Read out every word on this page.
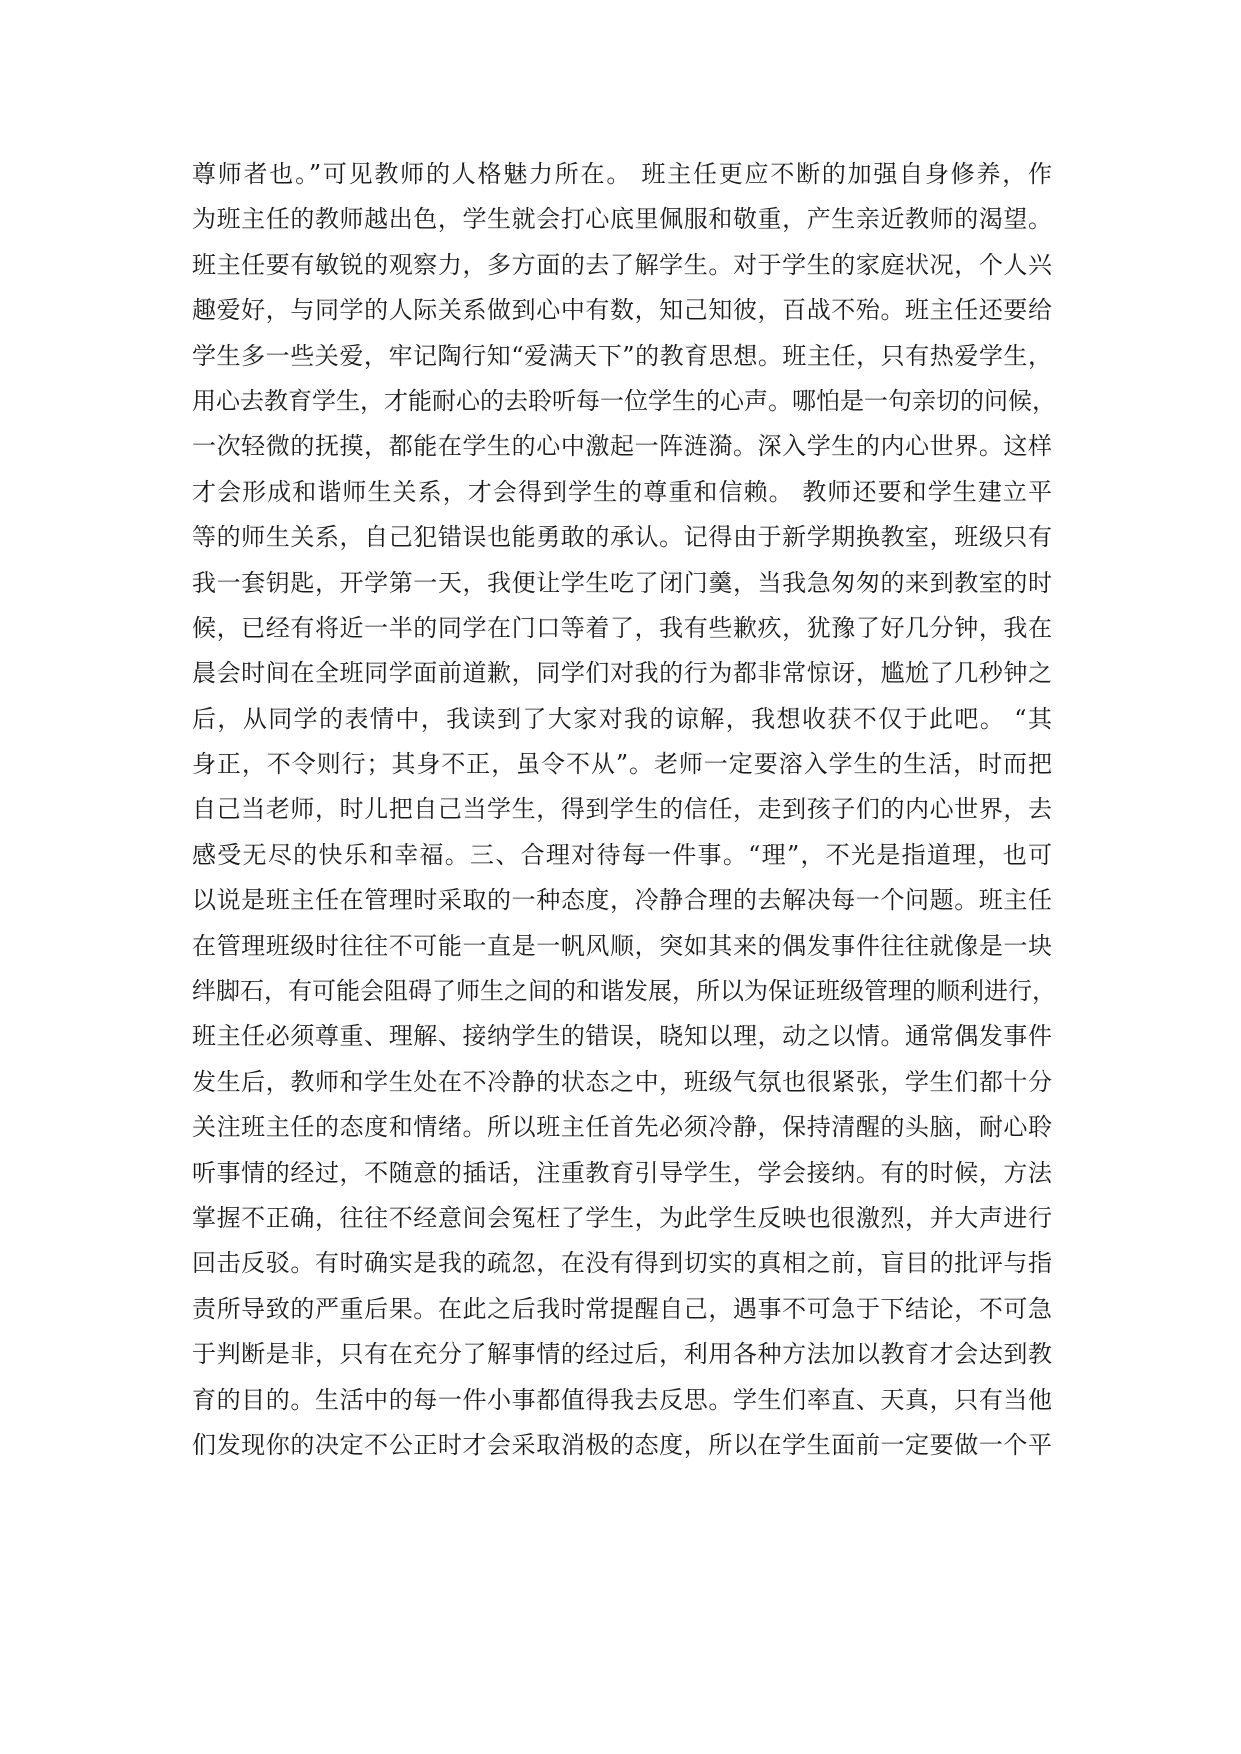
尊师者也。”可见教师的人格魅力所在。 班主任更应不断的加强自身修养，作
为班主任的教师越出色，学生就会打心底里佩服和敬重，产生亲近教师的渴望。
班主任要有敏锐的观察力，多方面的去了解学生。对于学生的家庭状况，个人兴
趣爱好，与同学的人际关系做到心中有数，知己知彼，百战不殆。班主任还要给
学生多一些关爱，牢记陶行知“爱满天下”的教育思想。班主任，只有热爱学生，
用心去教育学生，才能耐心的去聆听每一位学生的心声。哪怕是一句亲切的问候，
一次轻微的抚摸，都能在学生的心中激起一阵涟漪。深入学生的内心世界。这样
才会形成和谐师生关系，才会得到学生的尊重和信赖。 教师还要和学生建立平
等的师生关系，自己犯错误也能勇敢的承认。记得由于新学期换教室，班级只有
我一套钥匙，开学第一天，我便让学生吃了闭门羹，当我急匆匆的来到教室的时
候，已经有将近一半的同学在门口等着了，我有些歉疚，犹豫了好几分钟，我在
晨会时间在全班同学面前道歉，同学们对我的行为都非常惊讶，尴尬了几秒钟之
后，从同学的表情中，我读到了大家对我的谅解，我想收获不仅于此吧。 “其
身正，不令则行；其身不正，虽令不从”。老师一定要溶入学生的生活，时而把
自己当老师，时儿把自己当学生，得到学生的信任，走到孩子们的内心世界，去
感受无尽的快乐和幸福。三、合理对待每一件事。“理”，不光是指道理，也可
以说是班主任在管理时采取的一种态度，冷静合理的去解决每一个问题。班主任
在管理班级时往往不可能一直是一帆风顺，突如其来的偶发事件往往就像是一块
绊脚石，有可能会阻碍了师生之间的和谐发展，所以为保证班级管理的顺利进行，
班主任必须尊重、理解、接纳学生的错误，晓知以理，动之以情。通常偶发事件
发生后，教师和学生处在不冷静的状态之中，班级气氛也很紧张，学生们都十分
关注班主任的态度和情绪。所以班主任首先必须冷静，保持清醒的头脑，耐心聆
听事情的经过，不随意的插话，注重教育引导学生，学会接纳。有的时候，方法
掌握不正确，往往不经意间会冤枉了学生，为此学生反映也很激烈，并大声进行
回击反驳。有时确实是我的疏忽，在没有得到切实的真相之前，盲目的批评与指
责所导致的严重后果。在此之后我时常提醒自己，遇事不可急于下结论，不可急
于判断是非，只有在充分了解事情的经过后，利用各种方法加以教育才会达到教
育的目的。生活中的每一件小事都值得我去反思。学生们率直、天真，只有当他
们发现你的决定不公正时才会采取消极的态度，所以在学生面前一定要做一个平
